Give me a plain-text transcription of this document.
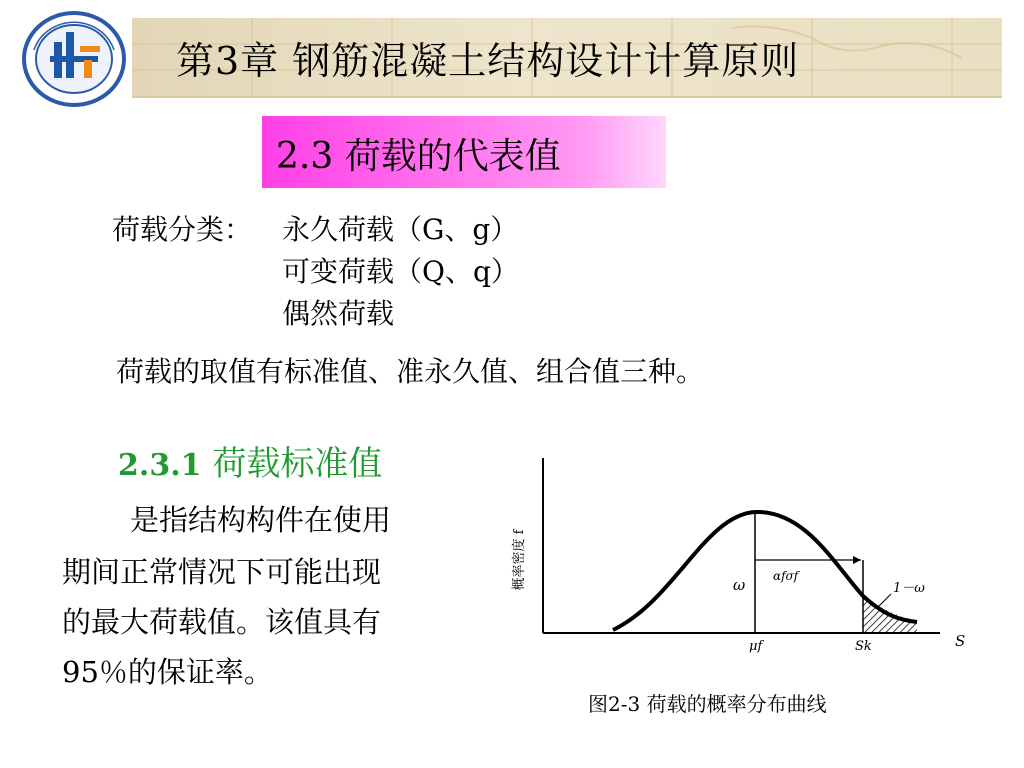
第3章 钢筋混凝土结构设计计算原则
2.3 荷载的代表值
荷载分类： 永久荷载（G、g）
可变荷载（Q、q）
偶然荷载
荷载的取值有标准值、准永久值、组合值三种。
2.3.1 荷载标准值
是指结构构件在使用
期间正常情况下可能出现
的最大荷载值。该值具有
95％的保证率。
概率密度 f
S
ω αfσf
1－ω
μf	Sk
图2-3 荷载的概率分布曲线
